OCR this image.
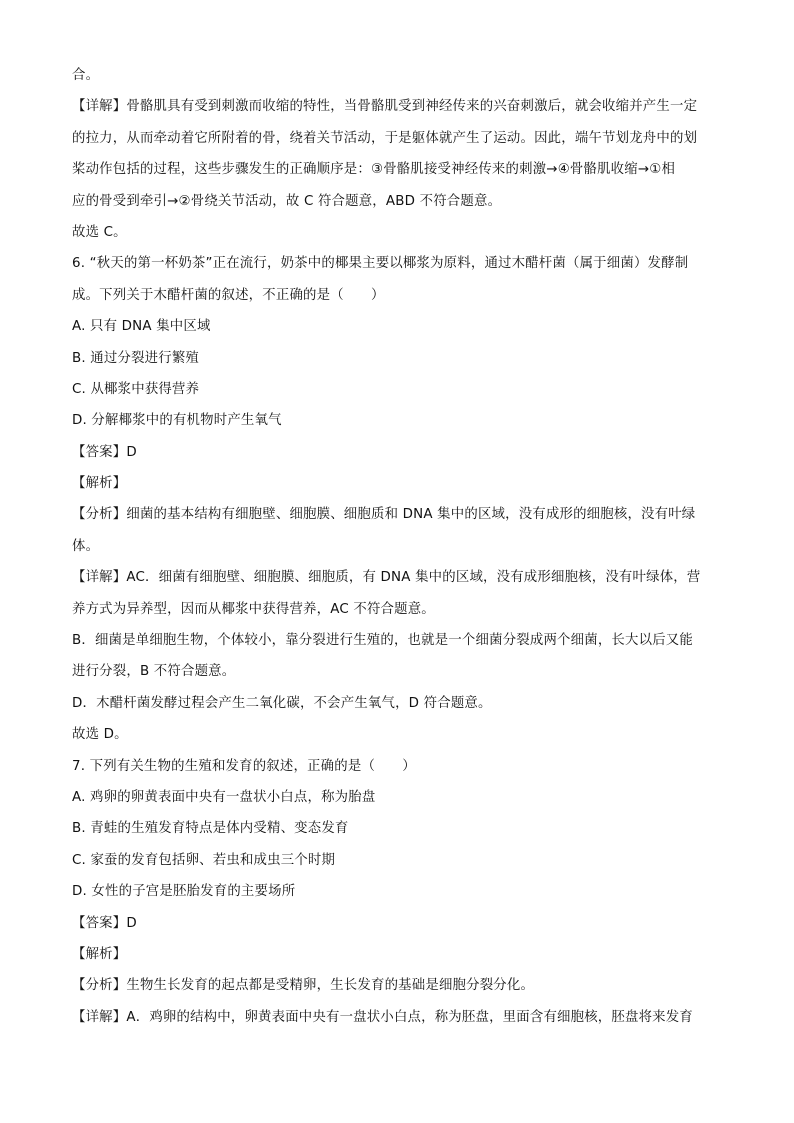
合。
【详解】骨骼肌具有受到刺激而收缩的特性，当骨骼肌受到神经传来的兴奋刺激后，就会收缩并产生一定
的拉力，从而牵动着它所附着的骨，绕着关节活动，于是躯体就产生了运动。因此，端午节划龙舟中的划
桨动作包括的过程，这些步骤发生的正确顺序是：③骨骼肌接受神经传来的刺激→④骨骼肌收缩→①相
应的骨受到牵引→②骨绕关节活动，故 C 符合题意，ABD 不符合题意。
故选 C。
6. “秋天的第一杯奶茶”正在流行，奶茶中的椰果主要以椰浆为原料，通过木醋杆菌（属于细菌）发酵制
成。下列关于木醋杆菌的叙述，不正确的是（　　）
A. 只有 DNA 集中区域
B. 通过分裂进行繁殖
C. 从椰浆中获得营养
D. 分解椰浆中的有机物时产生氧气
【答案】D
【解析】
【分析】细菌的基本结构有细胞壁、细胞膜、细胞质和 DNA 集中的区域，没有成形的细胞核，没有叶绿
体。
【详解】AC．细菌有细胞壁、细胞膜、细胞质，有 DNA 集中的区域，没有成形细胞核，没有叶绿体，营
养方式为异养型，因而从椰浆中获得营养，AC 不符合题意。
B．细菌是单细胞生物，个体较小，靠分裂进行生殖的，也就是一个细菌分裂成两个细菌，长大以后又能
进行分裂，B 不符合题意。
D．木醋杆菌发酵过程会产生二氧化碳，不会产生氧气，D 符合题意。
故选 D。
7. 下列有关生物的生殖和发育的叙述，正确的是（　　）
A. 鸡卵的卵黄表面中央有一盘状小白点，称为胎盘
B. 青蛙的生殖发育特点是体内受精、变态发育
C. 家蚕的发育包括卵、若虫和成虫三个时期
D. 女性的子宫是胚胎发育的主要场所
【答案】D
【解析】
【分析】生物生长发育的起点都是受精卵，生长发育的基础是细胞分裂分化。
【详解】A．鸡卵的结构中，卵黄表面中央有一盘状小白点，称为胚盘，里面含有细胞核，胚盘将来发育
